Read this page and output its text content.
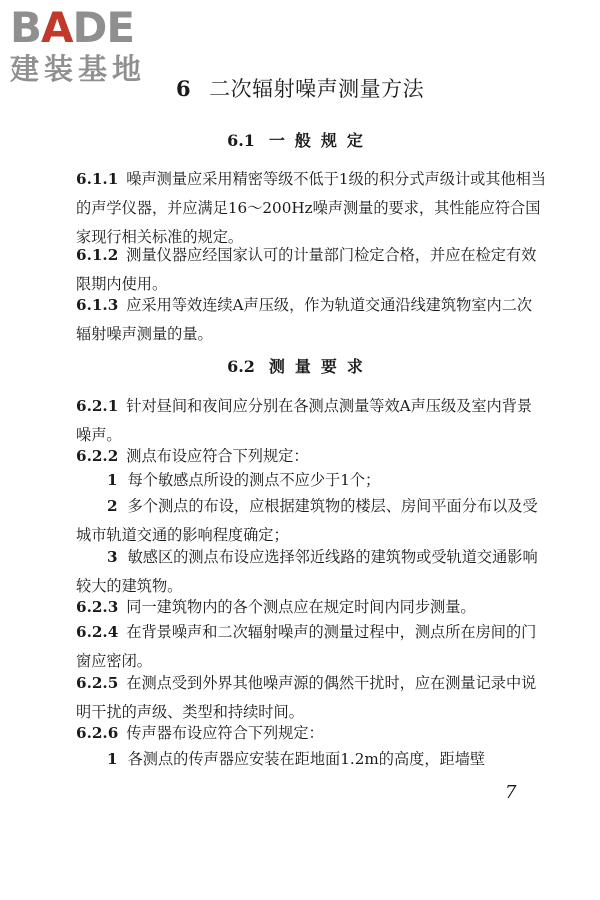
BADE
建装基地
6 二次辐射噪声测量方法
6.1 一般规定

6.1.1 噪声测量应采用精密等级不低于1级的积分式声级计或其他相当的声学仪器，并应满足16～200Hz噪声测量的要求，其性能应符合国家现行相关标准的规定。

6.1.2 测量仪器应经国家认可的计量部门检定合格，并应在检定有效限期内使用。

6.1.3 应采用等效连续A声压级，作为轨道交通沿线建筑物室内二次辐射噪声测量的量。

6.2 测量要求

6.2.1 针对昼间和夜间应分别在各测点测量等效A声压级及室内背景噪声。

6.2.2 测点布设应符合下列规定：

1 每个敏感点所设的测点不应少于1个；

2 多个测点的布设，应根据建筑物的楼层、房间平面分布以及受城市轨道交通的影响程度确定；

3 敏感区的测点布设应选择邻近线路的建筑物或受轨道交通影响较大的建筑物。

6.2.3 同一建筑物内的各个测点应在规定时间内同步测量。

6.2.4 在背景噪声和二次辐射噪声的测量过程中，测点所在房间的门窗应密闭。

6.2.5 在测点受到外界其他噪声源的偶然干扰时，应在测量记录中说明干扰的声级、类型和持续时间。

6.2.6 传声器布设应符合下列规定：

1 各测点的传声器应安装在距地面1.2m的高度，距墙壁

7
